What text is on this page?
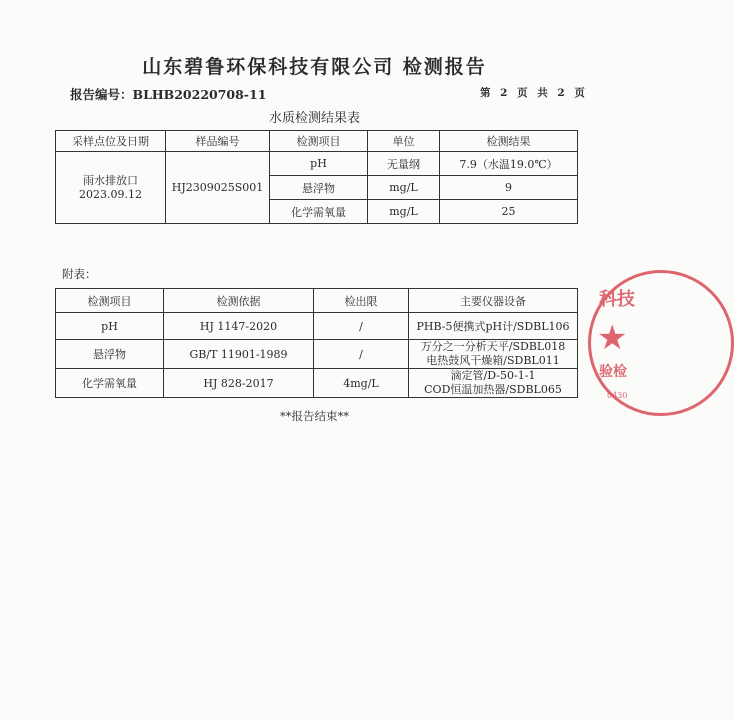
山东碧鲁环保科技有限公司 检测报告
报告编号：BLHB20220708-11	第 2 页 共 2 页
水质检测结果表
采样点位及日期	样品编号	检测项目	单位	检测结果

雨水排放口
2023.09.12	HJ2309025S001	pH	无量纲	7.9（水温19.0℃）
		悬浮物	mg/L	9
		化学需氧量	mg/L	25
附表：
检测项目	检测依据	检出限	主要仪器设备
pH	HJ 1147-2020	/	PHB-5便携式pH计/SDBL106
悬浮物	GB/T 11901-1989	/	万分之一分析天平/SDBL018
电热鼓风干燥箱/SDBL011

化学需氧量	HJ 828-2017	4mg/L	滴定管/D-50-1-1
COD恒温加热器/SDBL065
**报告结束**
科技
★
验检
0430
